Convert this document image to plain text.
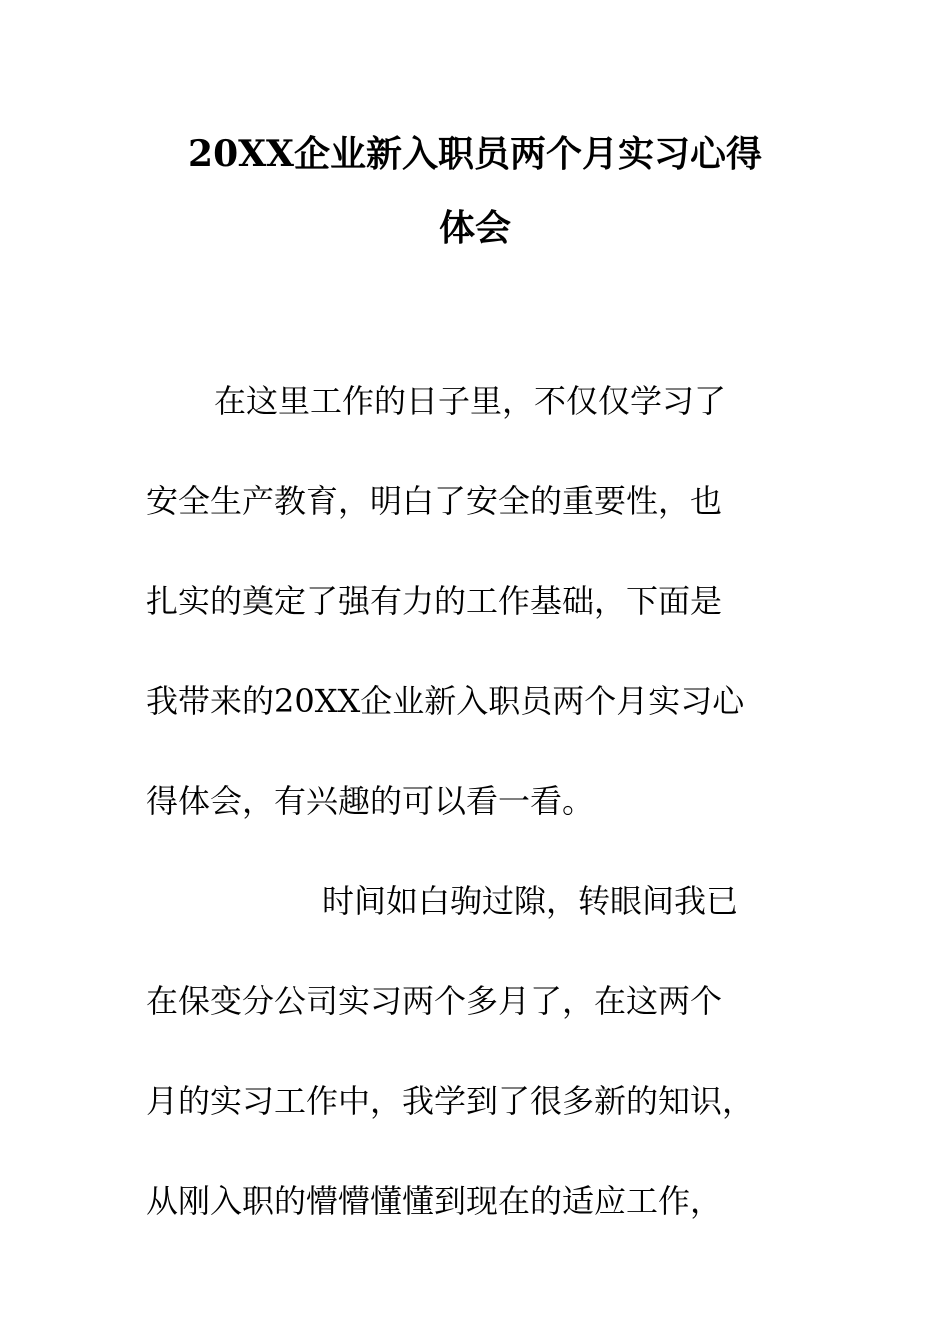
20XX企业新入职员两个月实习心得
体会
在这里工作的日子里，不仅仅学习了
安全生产教育，明白了安全的重要性，也
扎实的奠定了强有力的工作基础，下面是
我带来的20XX企业新入职员两个月实习心
得体会，有兴趣的可以看一看。
时间如白驹过隙，转眼间我已
在保变分公司实习两个多月了，在这两个
月的实习工作中，我学到了很多新的知识，
从刚入职的懵懵懂懂到现在的适应工作，
